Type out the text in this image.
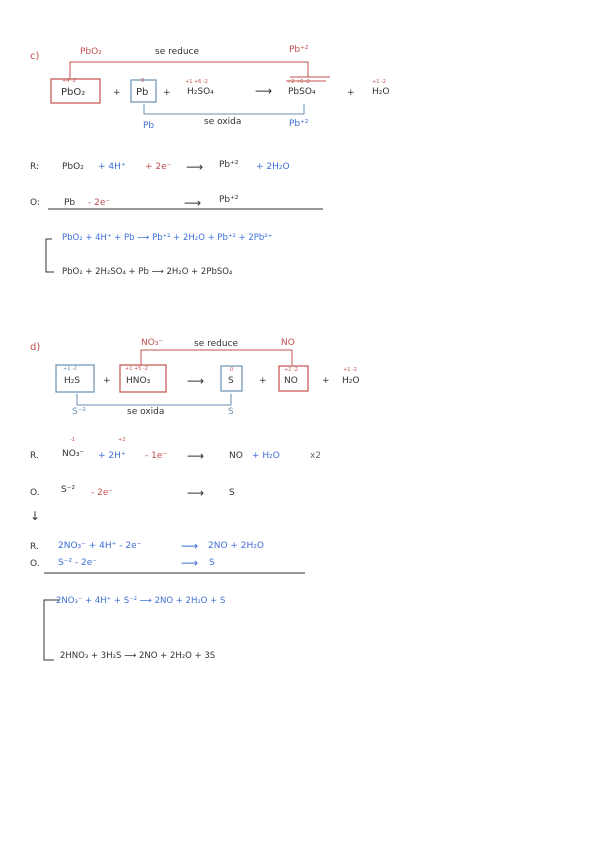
c)	PbO₂	se reduce	Pb⁺²
+4 -2
PbO₂	+
0
Pb +
+1 +6 -2
H₂SO₄	⟶
+2 +6 -2
PbSO₄	+
+1 -2
H₂O
Pb	se oxida	Pb⁺²
R:	PbO₂ + 4H⁺ + 2e⁻ ⟶ Pb⁺² + 2H₂O
O:	Pb - 2e⁻	⟶ Pb⁺²
PbO₂ + 4H⁺ + Pb ⟶ Pb⁺² + 2H₂O + Pb⁺² + 2Pb²⁺
PbO₂ + 2H₂SO₄ + Pb ⟶ 2H₂O + 2PbSO₄
d)	NO₃⁻	se reduce	NO
+1 -2
H₂S	+
+1 +5 -2
HNO₃	⟶
0
S	+
+2 -2
NO	+
+1 -2
H₂O
S⁻²	se oxida	S
-1	+2
R.	NO₃⁻ + 2H⁺ - 1e⁻ ⟶	NO + H₂O	x2
O. S⁻² - 2e⁻	⟶	S
↓
R. 2NO₃⁻ + 4H⁺ - 2e⁻	⟶ 2NO + 2H₂O
O. S⁻² - 2e⁻	⟶ S
2NO₃⁻ + 4H⁺ + S⁻² ⟶ 2NO + 2H₂O + S
2HNO₃ + 3H₂S ⟶ 2NO + 2H₂O + 3S
